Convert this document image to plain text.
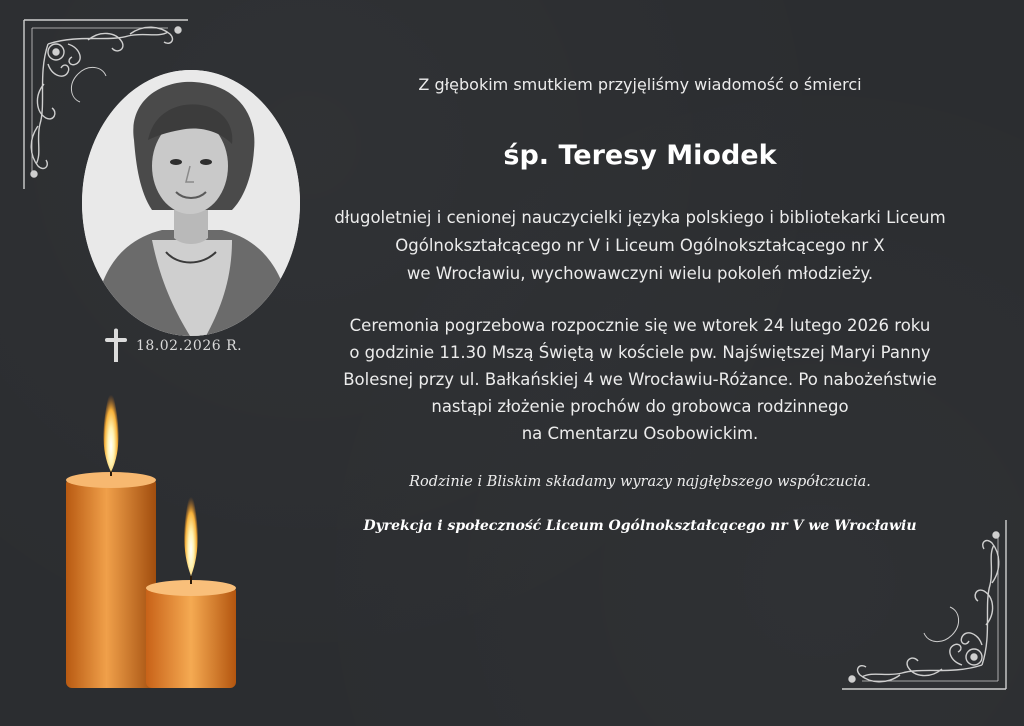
18.02.2026 R.
Z głębokim smutkiem przyjęliśmy wiadomość o śmierci
śp. Teresy Miodek
długoletniej i cenionej nauczycielki języka polskiego i bibliotekarki Liceum
Ogólnokształcącego nr V i Liceum Ogólnokształcącego nr X
we Wrocławiu, wychowawczyni wielu pokoleń młodzieży.
Ceremonia pogrzebowa rozpocznie się we wtorek 24 lutego 2026 roku
o godzinie 11.30 Mszą Świętą w kościele pw. Najświętszej Maryi Panny
Bolesnej przy ul. Bałkańskiej 4 we Wrocławiu-Różance. Po nabożeństwie
nastąpi złożenie prochów do grobowca rodzinnego
na Cmentarzu Osobowickim.
Rodzinie i Bliskim składamy wyrazy najgłębszego współczucia.
Dyrekcja i społeczność Liceum Ogólnokształcącego nr V we Wrocławiu
